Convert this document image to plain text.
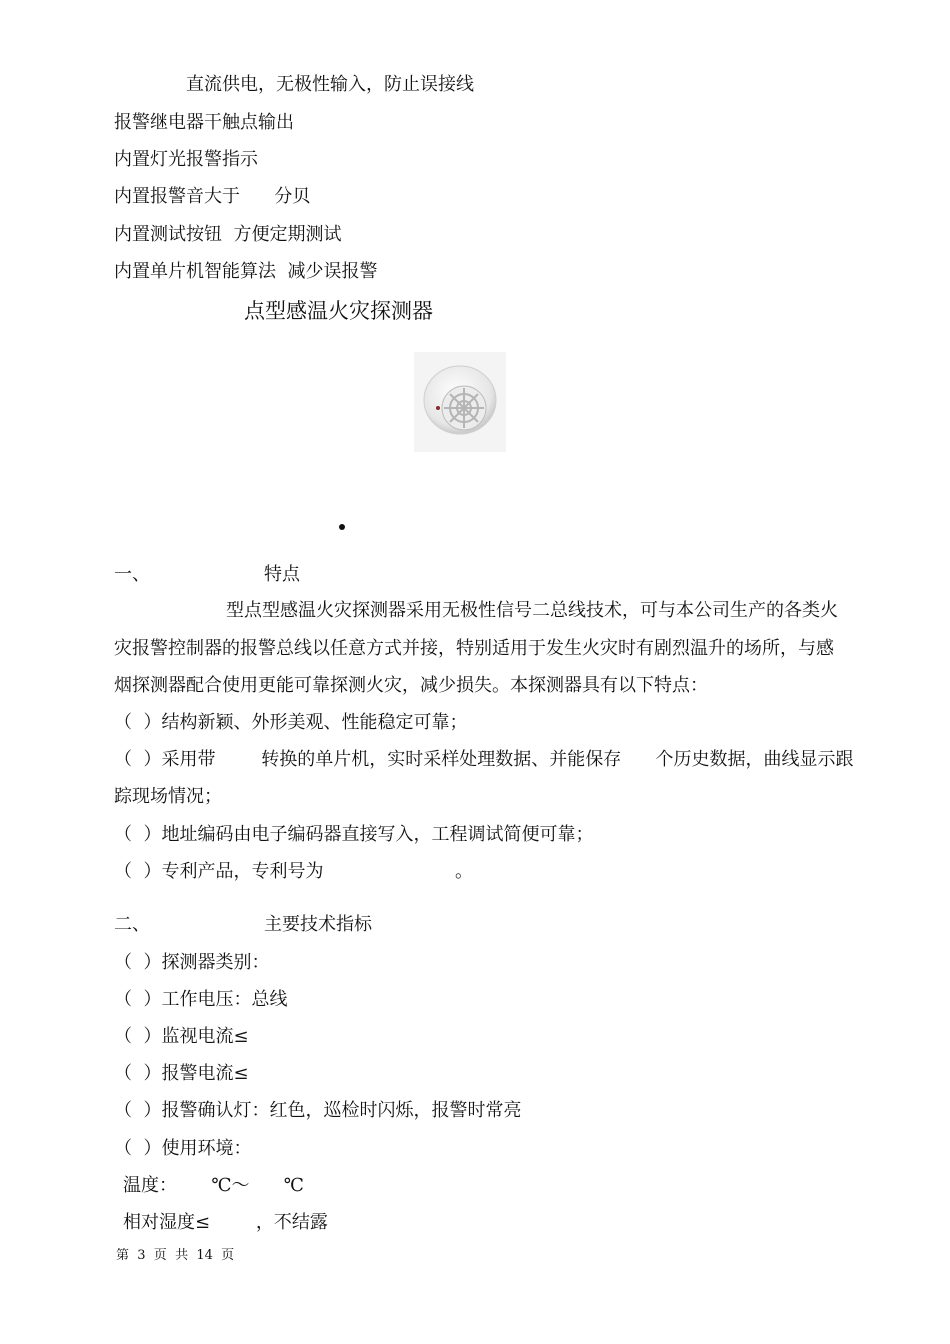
直流供电，无极性输入，防止误接线
报警继电器干触点输出
内置灯光报警指示
内置报警音大于      分贝
内置测试按钮  方便定期测试
内置单片机智能算法  减少误报警
点型感温火灾探测器
一、	特点
型点型感温火灾探测器采用无极性信号二总线技术，可与本公司生产的各类火
灾报警控制器的报警总线以任意方式并接，特别适用于发生火灾时有剧烈温升的场所，与感
烟探测器配合使用更能可靠探测火灾，减少损失。本探测器具有以下特点：
（  ）结构新颖、外形美观、性能稳定可靠；
（  ）采用带        转换的单片机，实时采样处理数据、并能保存      个历史数据，曲线显示跟
踪现场情况；
（  ）地址编码由电子编码器直接写入，工程调试简便可靠；
（  ）专利产品，专利号为                       。
二、	主要技术指标
（  ）探测器类别：
（  ）工作电压：总线
（  ）监视电流≤
（  ）报警电流≤
（  ）报警确认灯：红色，巡检时闪烁，报警时常亮
（  ）使用环境：
温度：      ℃～      ℃
相对湿度≤        ，不结露
第  3  页  共  14  页
